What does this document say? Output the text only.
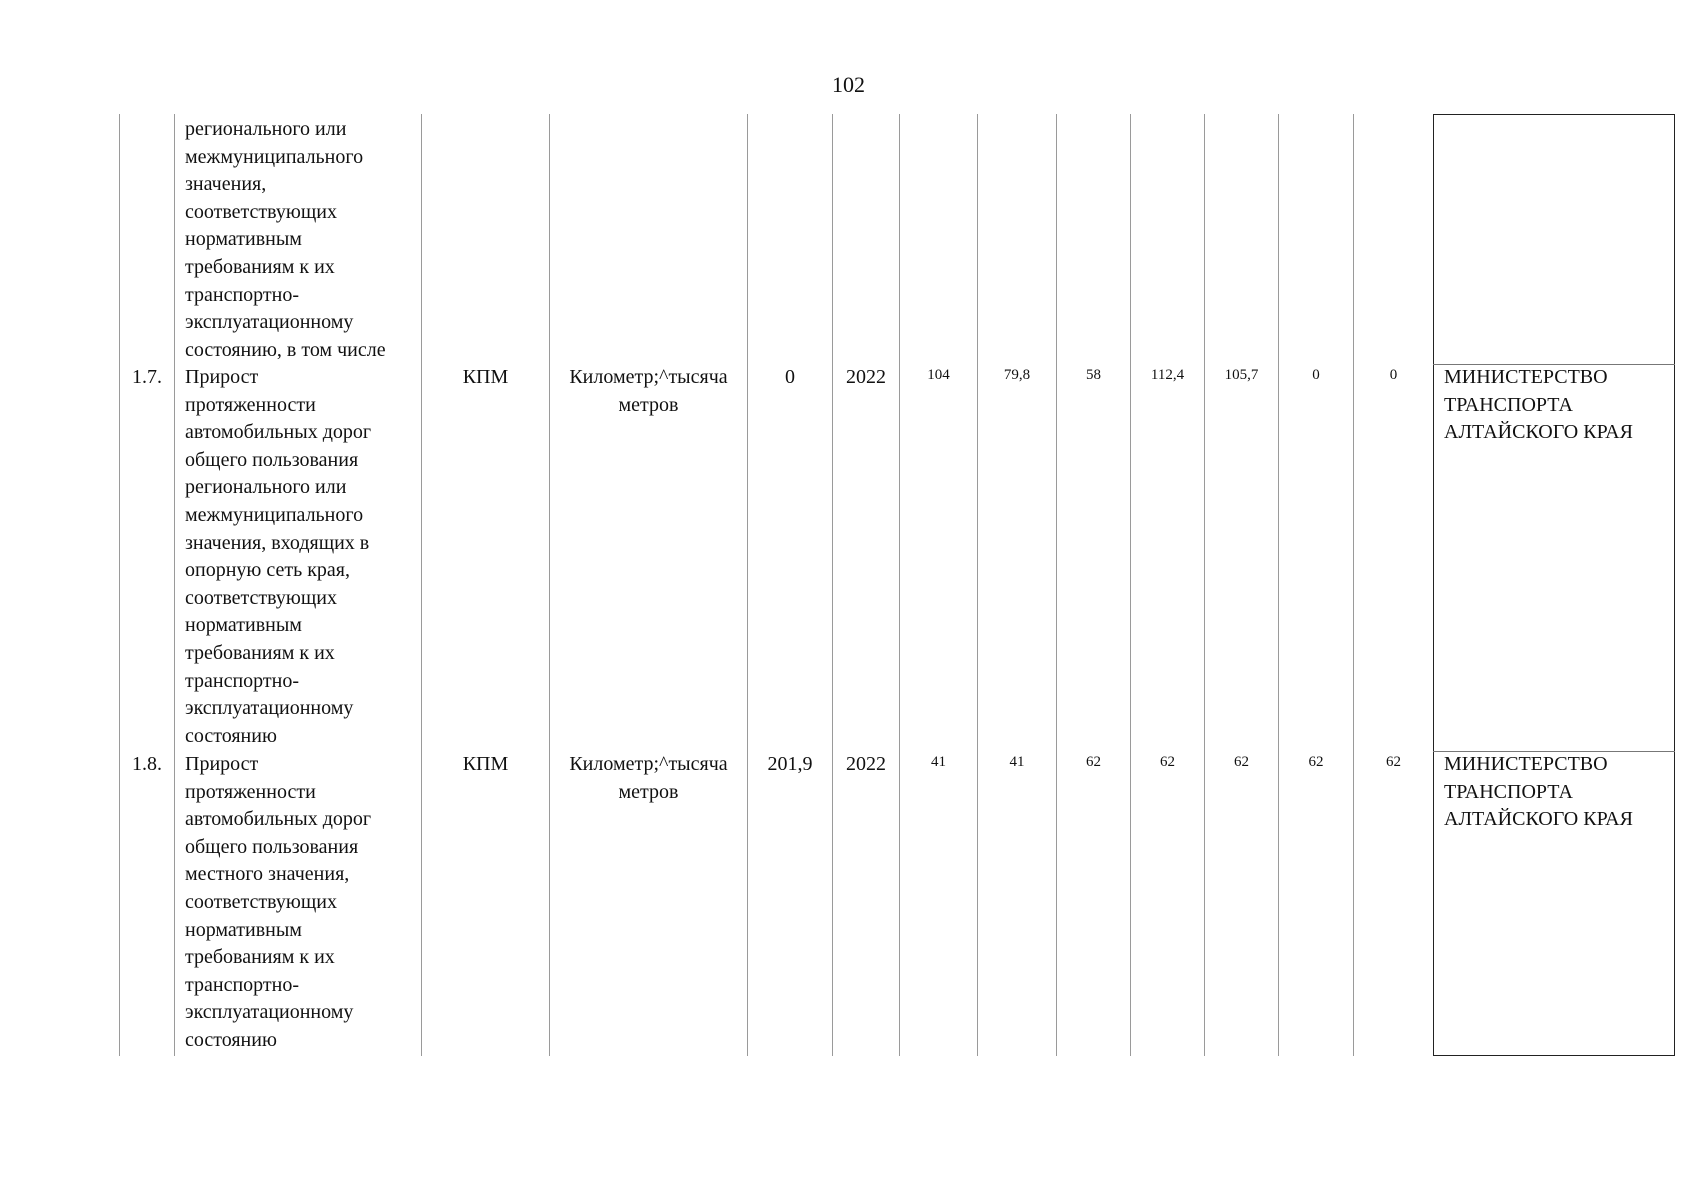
102
регионального или
межмуниципального
значения,
соответствующих
нормативным
требованиям к их
транспортно-
эксплуатационному
состоянию, в том числе
1.7.	Прирост
протяженности
автомобильных дорог
общего пользования
регионального или
межмуниципального
значения, входящих в
опорную сеть края,
соответствующих
нормативным
требованиям к их
транспортно-
эксплуатационному
состоянию
КПМ	Километр;^тысяча
метров
0	2022	104	79,8	58	112,4	105,7	0	0	МИНИСТЕРСТВО
ТРАНСПОРТА
АЛТАЙСКОГО КРАЯ
1.8.	Прирост
протяженности
автомобильных дорог
общего пользования
местного значения,
соответствующих
нормативным
требованиям к их
транспортно-
эксплуатационному
состоянию
КПМ	Километр;^тысяча
метров
201,9	2022	41	41	62	62	62	62	62	МИНИСТЕРСТВО
ТРАНСПОРТА
АЛТАЙСКОГО КРАЯ
